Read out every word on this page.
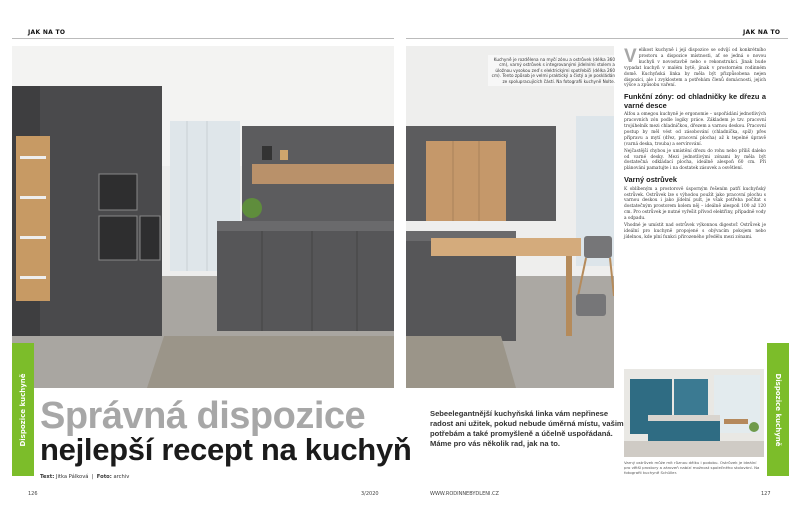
JAK NA TO	JAK NA TO
Kuchyně je rozdělena na myčí zónu a ostrůvek (délka 360 cm), varný ostrůvek s integrovanými jídelními stolem a úložnou vysokou zeď s elektrickými spotřebiči (délka 260 cm). Tento způsob je velmi praktický a čistý a je poskládán ze spolupracujících částí. Na fotografii kuchyně Nolte.
Dispozice kuchyně	Dispozice kuchyně
Správná dispozice
nejlepší recept na kuchyň
Text: Jitka Pálková  |  Foto: archiv
Sebeelegantnější kuchyňská linka vám nepřinese radost ani užitek, pokud nebude úměrná místu, vašim potřebám a také promyšleně a účelně uspořádaná. Máme pro vás několik rad, jak na to.

Velikost kuchyně i její dispozice se odvíjí od konkrétního prostoru a dispozice místnosti, ať se jedná o novou kuchyň v novostavbě nebo o rekonstrukci. Jinak bude vypadat kuchyň v malém bytě, jinak v prostorném rodinném domě. Kuchyňská linka by měla být přizpůsobena nejen dispozici, ale i zvyklostem a potřebám členů domácnosti, jejich výšce a způsobu vaření.

Funkční zóny: od chladničky ke dřezu a varné desce

Alfou a omegou kuchyně je ergonomie – uspořádání jednotlivých pracovních zón podle logiky práce. Základem je tzv. pracovní trojúhelník mezi chladničkou, dřezem a varnou deskou. Pracovní postup by měl vést od zásobování (chladnička, spíž) přes přípravu a mytí (dřez, pracovní plocha) až k tepelné úpravě (varná deska, trouba) a servírování.

Nejčastější chybou je umístění dřezu do rohu nebo příliš daleko od varné desky. Mezi jednotlivými zónami by měla být dostatečná odkládací plocha, ideálně alespoň 60 cm. Při plánování pamatujte i na dostatek zásuvek a osvětlení.

Varný ostrůvek

K oblíbeným a prostorově úsporným řešením patří kuchyňský ostrůvek. Ostrůvek lze s výhodou použít jako pracovní plochu s varnou deskou i jako jídelní pult, je však potřeba počítat s dostatečným prostorem kolem něj – ideálně alespoň 100 až 120 cm. Pro ostrůvek je nutné vyřešit přívod elektřiny, případně vody a odpadu.

Vhodné je umístit nad ostrůvek výkonnou digestoř. Ostrůvek je ideální pro kuchyně propojené s obývacím pokojem nebo jídelnou, kde plní funkci přirozeného předělu mezi zónami.

Varný ostrůvek může mít různou délku i podobu. Ostrůvek je ideální pro větší prostory a zároveň nabízí možnost společného stolování. Na fotografii kuchyně Schüller.
126	3/2020	WWW.RODINNEBYDLENI.CZ	127
